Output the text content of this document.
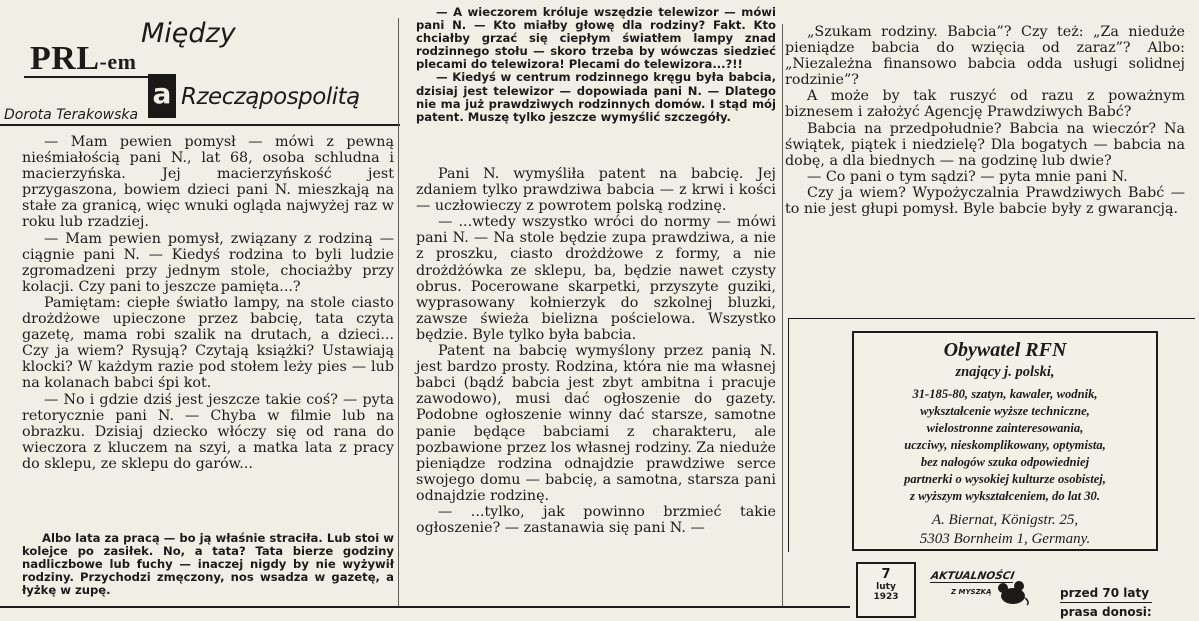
PRL-em
Między
a Rzecząpospolitą
Dorota Terakowska

— Mam pewien pomysł — mówi z pewną nieśmiałością pani N., lat 68, osoba schludna i macierzyńska. Jej macierzyńskość jest przygaszona, bowiem dzieci pani N. mieszkają na stałe za granicą, więc wnuki ogląda najwyżej raz w roku lub rzadziej.

— Mam pewien pomysł, związany z rodziną — ciągnie pani N. — Kiedyś rodzina to byli ludzie zgromadzeni przy jednym stole, chociażby przy kolacji. Czy pani to jeszcze pamięta...?

Pamiętam: ciepłe światło lampy, na stole ciasto drożdżowe upieczone przez babcię, tata czyta gazetę, mama robi szalik na drutach, a dzieci... Czy ja wiem? Rysują? Czytają książki? Ustawiają klocki? W każdym razie pod stołem leży pies — lub na kolanach babci śpi kot.

— No i gdzie dziś jest jeszcze takie coś? — pyta retorycznie pani N. — Chyba w filmie lub na obrazku. Dzisiaj dziecko włóczy się od rana do wieczora z kluczem na szyi, a matka lata z pracy do sklepu, ze sklepu do garów...

Albo lata za pracą — bo ją właśnie straciła. Lub stoi w kolejce po zasiłek. No, a tata? Tata bierze godziny nadliczbowe lub fuchy — inaczej nigdy by nie wyżywił rodziny. Przychodzi zmęczony, nos wsadza w gazetę, a łyżkę w zupę.

— A wieczorem króluje wszędzie telewizor — mówi pani N. — Kto miałby głowę dla rodziny? Fakt. Kto chciałby grzać się ciepłym światłem lampy znad rodzinnego stołu — skoro trzeba by wówczas siedzieć plecami do telewizora! Plecami do telewizora...?!!

— Kiedyś w centrum rodzinnego kręgu była babcia, dzisiaj jest telewizor — dopowiada pani N. — Dlatego nie ma już prawdziwych rodzinnych domów. I stąd mój patent. Muszę tylko jeszcze wymyślić szczegóły.

Pani N. wymyśliła patent na babcię. Jej zdaniem tylko prawdziwa babcia — z krwi i kości — uczłowieczy z powrotem polską rodzinę.

— ...wtedy wszystko wróci do normy — mówi pani N. — Na stole będzie zupa prawdziwa, a nie z proszku, ciasto drożdżowe z formy, a nie drożdżówka ze sklepu, ba, będzie nawet czysty obrus. Pocerowane skarpetki, przyszyte guziki, wyprasowany kołnierzyk do szkolnej bluzki, zawsze świeża bielizna pościelowa. Wszystko będzie. Byle tylko była babcia.

Patent na babcię wymyślony przez panią N. jest bardzo prosty. Rodzina, która nie ma własnej babci (bądź babcia jest zbyt ambitna i pracuje zawodowo), musi dać ogłoszenie do gazety. Podobne ogłoszenie winny dać starsze, samotne panie będące babciami z charakteru, ale pozbawione przez los własnej rodziny. Za nieduże pieniądze rodzina odnajdzie prawdziwe serce swojego domu — babcię, a samotna, starsza pani odnajdzie rodzinę.

— ...tylko, jak powinno brzmieć takie ogłoszenie? — zastanawia się pani N. —

„Szukam rodziny. Babcia”? Czy też: „Za nieduże pieniądze babcia do wzięcia od zaraz”? Albo: „Niezależna finansowo babcia odda usługi solidnej rodzinie”?

A może by tak ruszyć od razu z poważnym biznesem i założyć Agencję Prawdziwych Babć?

Babcia na przedpołudnie? Babcia na wieczór? Na świątek, piątek i niedzielę? Dla bogatych — babcia na dobę, a dla biednych — na godzinę lub dwie?

— Co pani o tym sądzi? — pyta mnie pani N.

Czy ja wiem? Wypożyczalnia Prawdziwych Babć — to nie jest głupi pomysł. Byle babcie były z gwarancją.

Obywatel RFN
znający j. polski,
31-185-80, szatyn, kawaler, wodnik,
wykształcenie wyższe techniczne,
wielostronne zainteresowania,
uczciwy, nieskomplikowany, optymista,
bez nałogów szuka odpowiedniej
partnerki o wysokiej kulturze osobistej,
z wyższym wykształceniem, do lat 30.
A. Biernat, Königstr. 25,
5303 Bornheim 1, Germany.
7
luty
1923
AKTUALNOŚCI
Z MYSZKĄ	przed 70 laty
prasa donosi:
